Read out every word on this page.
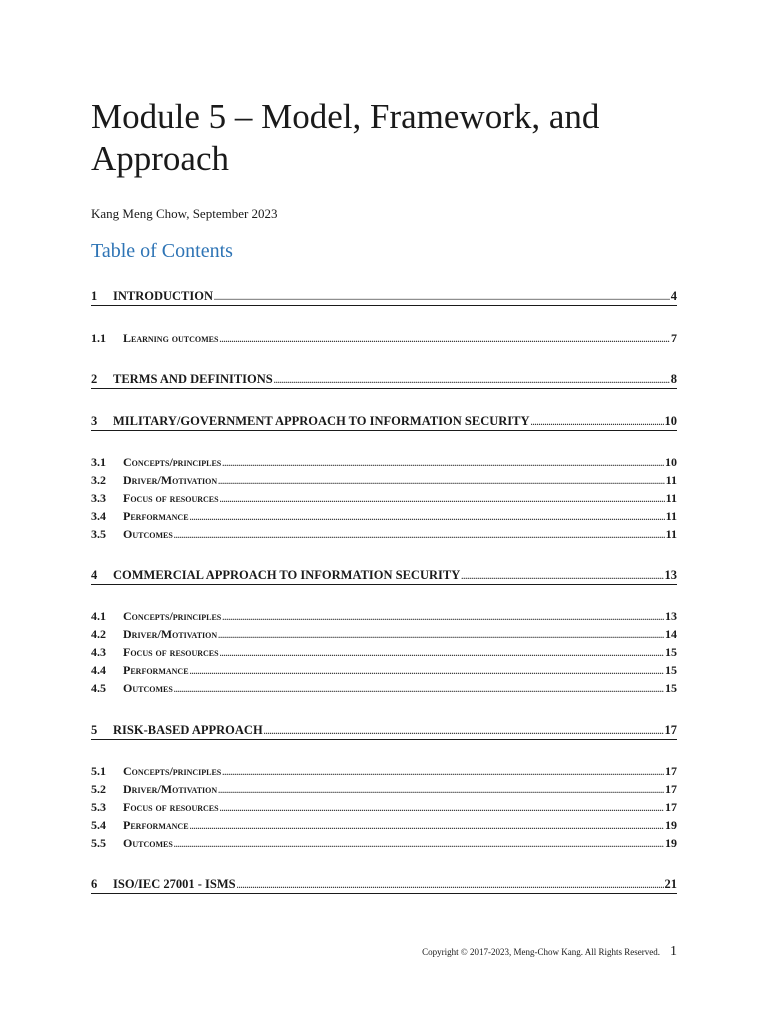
Module 5 – Model, Framework, and Approach
Kang Meng Chow, September 2023
Table of Contents
1	INTRODUCTION .....	4
1.1	Learning outcomes .....	7
2	TERMS AND DEFINITIONS .....	8
3	MILITARY/GOVERNMENT APPROACH TO INFORMATION SECURITY .....	10
3.1	Concepts/principles .....	10
3.2	Driver/Motivation .....	11
3.3	Focus of resources .....	11
3.4	Performance .....	11
3.5	Outcomes .....	11
4	COMMERCIAL APPROACH TO INFORMATION SECURITY .....	13
4.1	Concepts/principles .....	13
4.2	Driver/Motivation .....	14
4.3	Focus of resources .....	15
4.4	Performance .....	15
4.5	Outcomes .....	15
5	RISK-BASED APPROACH .....	17
5.1	Concepts/principles .....	17
5.2	Driver/Motivation .....	17
5.3	Focus of resources .....	17
5.4	Performance .....	19
5.5	Outcomes .....	19
6	ISO/IEC 27001 - ISMS .....	21
Copyright © 2017-2023, Meng-Chow Kang. All Rights Reserved. 1
